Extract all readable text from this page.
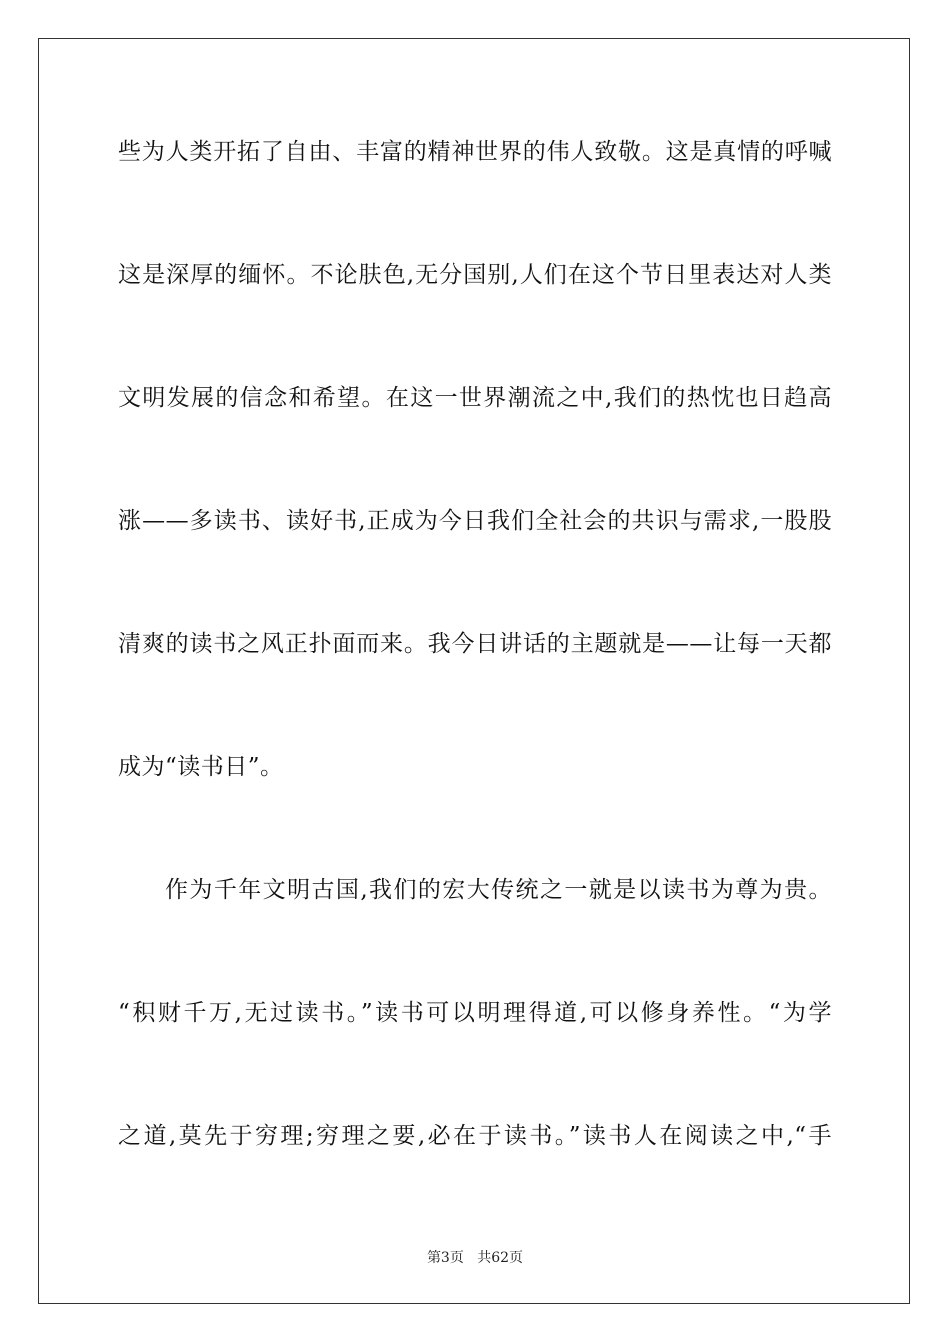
些为人类开拓了自由、丰富的精神世界的伟人致敬。这是真情的呼喊
这是深厚的缅怀。不论肤色,无分国别,人们在这个节日里表达对人类
文明发展的信念和希望。在这一世界潮流之中,我们的热忱也日趋高
涨——多读书、读好书,正成为今日我们全社会的共识与需求,一股股
清爽的读书之风正扑面而来。我今日讲话的主题就是——让每一天都
成为“读书日”。
作为千年文明古国,我们的宏大传统之一就是以读书为尊为贵。
“积财千万,无过读书。”读书可以明理得道,可以修身养性。“为学
之道,莫先于穷理;穷理之要,必在于读书。”读书人在阅读之中,“手
第3页 共62页
